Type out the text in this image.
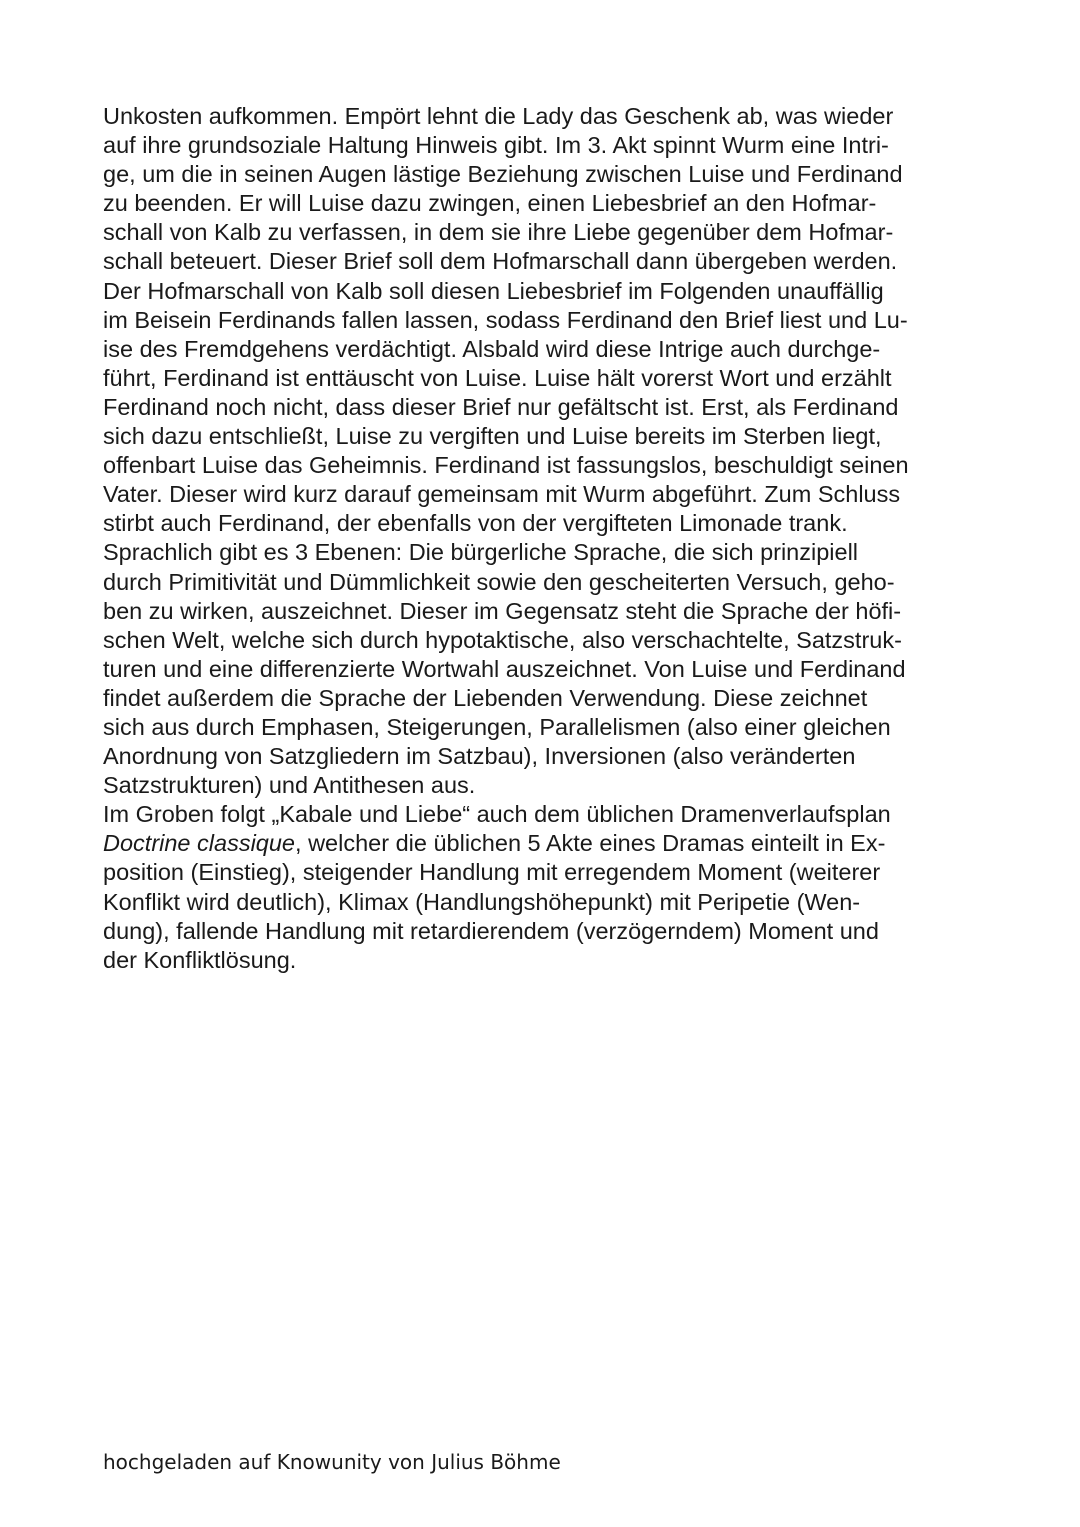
Unkosten aufkommen. Empört lehnt die Lady das Geschenk ab, was wieder
auf ihre grundsoziale Haltung Hinweis gibt. Im 3. Akt spinnt Wurm eine Intri-
ge, um die in seinen Augen lästige Beziehung zwischen Luise und Ferdinand
zu beenden. Er will Luise dazu zwingen, einen Liebesbrief an den Hofmar-
schall von Kalb zu verfassen, in dem sie ihre Liebe gegenüber dem Hofmar-
schall beteuert. Dieser Brief soll dem Hofmarschall dann übergeben werden.
Der Hofmarschall von Kalb soll diesen Liebesbrief im Folgenden unauffällig
im Beisein Ferdinands fallen lassen, sodass Ferdinand den Brief liest und Lu-
ise des Fremdgehens verdächtigt. Alsbald wird diese Intrige auch durchge-
führt, Ferdinand ist enttäuscht von Luise. Luise hält vorerst Wort und erzählt
Ferdinand noch nicht, dass dieser Brief nur gefältscht ist. Erst, als Ferdinand
sich dazu entschließt, Luise zu vergiften und Luise bereits im Sterben liegt,
offenbart Luise das Geheimnis. Ferdinand ist fassungslos, beschuldigt seinen
Vater. Dieser wird kurz darauf gemeinsam mit Wurm abgeführt. Zum Schluss
stirbt auch Ferdinand, der ebenfalls von der vergifteten Limonade trank.
Sprachlich gibt es 3 Ebenen: Die bürgerliche Sprache, die sich prinzipiell
durch Primitivität und Dümmlichkeit sowie den gescheiterten Versuch, geho-
ben zu wirken, auszeichnet. Dieser im Gegensatz steht die Sprache der höfi-
schen Welt, welche sich durch hypotaktische, also verschachtelte, Satzstruk-
turen und eine differenzierte Wortwahl auszeichnet. Von Luise und Ferdinand
findet außerdem die Sprache der Liebenden Verwendung. Diese zeichnet
sich aus durch Emphasen, Steigerungen, Parallelismen (also einer gleichen
Anordnung von Satzgliedern im Satzbau), Inversionen (also veränderten
Satzstrukturen) und Antithesen aus.
Im Groben folgt „Kabale und Liebe“ auch dem üblichen Dramenverlaufsplan
Doctrine classique, welcher die üblichen 5 Akte eines Dramas einteilt in Ex-
position (Einstieg), steigender Handlung mit erregendem Moment (weiterer
Konflikt wird deutlich), Klimax (Handlungshöhepunkt) mit Peripetie (Wen-
dung), fallende Handlung mit retardierendem (verzögerndem) Moment und
der Konfliktlösung.
hochgeladen auf Knowunity von Julius Böhme
